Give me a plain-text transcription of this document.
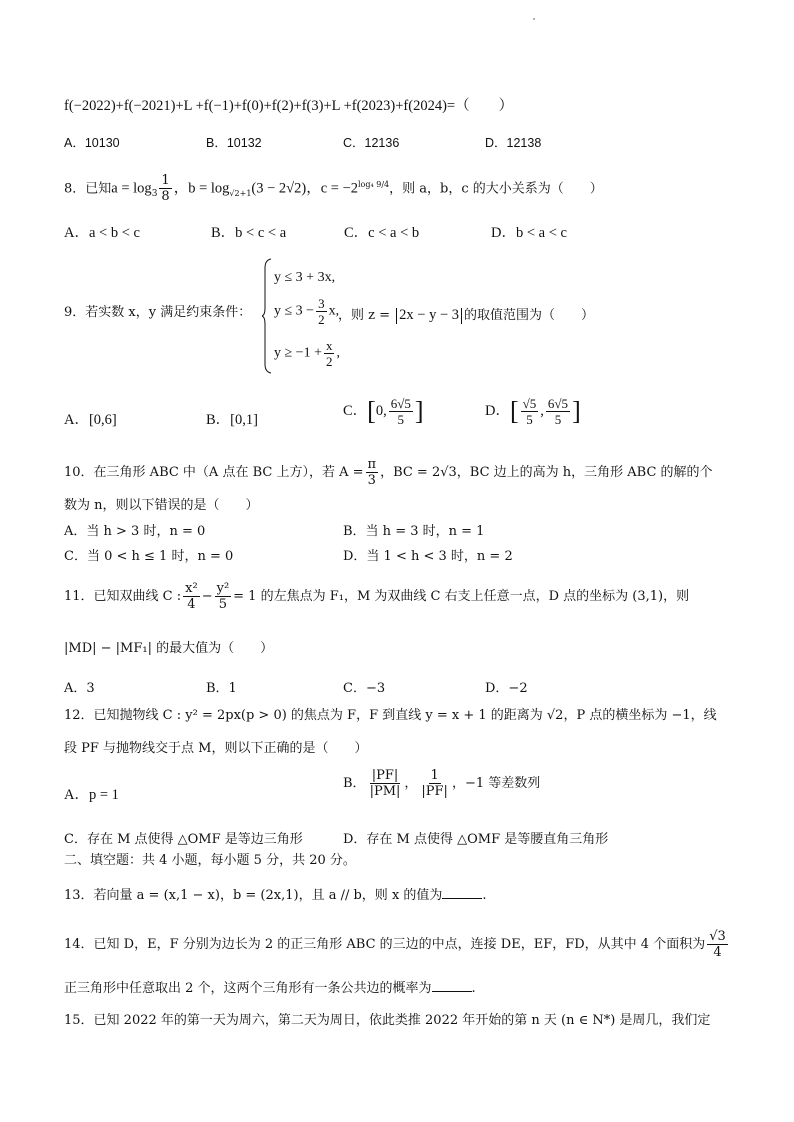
f(−2022)+f(−2021)+L +f(−1)+f(0)+f(2)+f(3)+L +f(2023)+f(2024)=（　　）
A．10130	B．10132	C．12136	D．12138
8．已知$a = \log_3 \frac{1}{8}$ ，$b = \log_{√2+1}(3 - 2√2)$，$c = -2^{log_4 9/4}$，则 a，b，c 的大小关系为（　　）
A．a < b < c	B．b < c < a	C．c < a < b	D．b < a < c
9．若实数 x，y 满足约束条件：
y ≤ 3 + 3x,
$y \le 3 - \frac{3}{2} x$,
$y \ge -1 + \frac{x}{2}$ ,
，则 z = 2x − y − 3 的取值范围为（　　）
A．[0,6]	B．[0,1]
C．[0, $\frac{6√5}{5}$ ]	D．[ $\frac{√5}{5}$ , $\frac{6√5}{5}$ ]
10．在三角形 ABC 中（A 点在 BC 上方），若 $A = \frac{\pi}{3}$ ，BC = 2√3，BC 边上的高为 h，三角形 ABC 的解的个
数为 n，则以下错误的是（　　）
A．当 h > 3 时，n = 0	B．当 h = 3 时，n = 1
C．当 0 < h ≤ 1 时，n = 0	D．当 1 < h < 3 时，n = 2
11．已知双曲线 C : $\frac{\text{x²}}{4} - \frac{\text{y²}}{5} = 1$ 的左焦点为 F₁，M 为双曲线 C 右支上任意一点，D 点的坐标为 (3,1)，则
|MD| − |MF₁| 的最大值为（　　）
A．3	B．1	C．−3	D．−2
12．已知抛物线 C : y² = 2px(p > 0) 的焦点为 F，F 到直线 y = x + 1 的距离为 √2，P 点的横坐标为 −1，线
段 PF 与抛物线交于点 M，则以下正确的是（　　）
A．p = 1
B． $\frac{|PF|}{|PM|}$ ， $\frac{1}{|PF|}$ ，−1 等差数列
C．存在 M 点使得 △OMF 是等边三角形	D．存在 M 点使得 △OMF 是等腰直角三角形
二、填空题：共 4 小题，每小题 5 分，共 20 分。
13．若向量 a = (x,1 − x)，b = (2x,1)，且 a // b，则 x 的值为	.
14．已知 D，E，F 分别为边长为 2 的正三角形 ABC 的三边的中点，连接 DE，EF，FD，从其中 4 个面积为 $\frac{√3}{4}$
正三角形中任意取出 2 个，这两个三角形有一条公共边的概率为	.
15．已知 2022 年的第一天为周六，第二天为周日，依此类推 2022 年开始的第 n 天 (n ∈ N*) 是周几，我们定
